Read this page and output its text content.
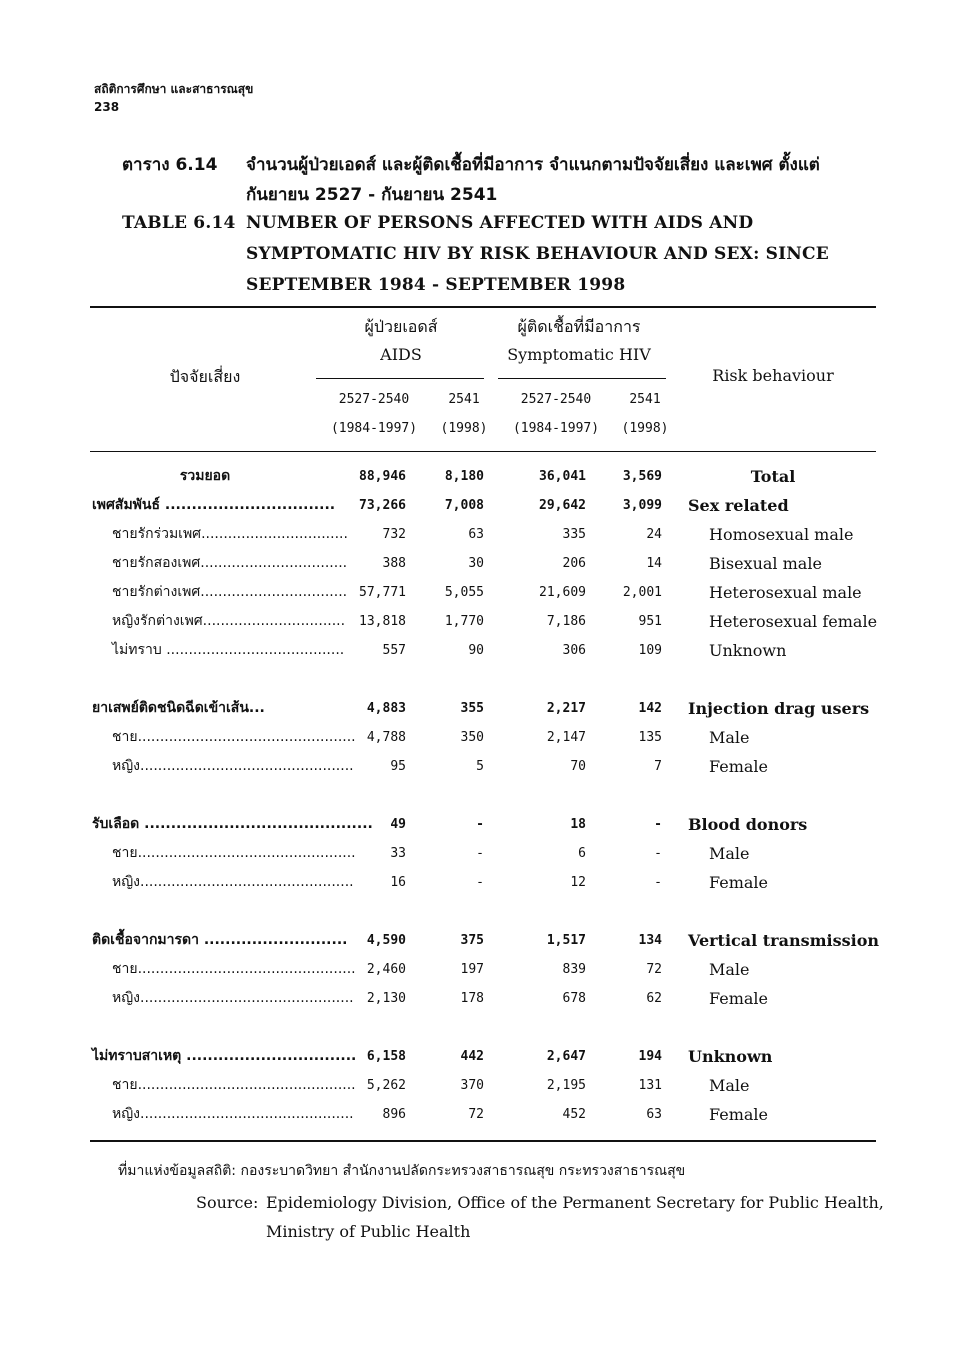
สถิติการศึกษา และสาธารณสุข
238
ตาราง 6.14	จำนวนผู้ป่วยเอดส์ และผู้ติดเชื้อที่มีอาการ จำแนกตามปัจจัยเสี่ยง และเพศ ตั้งแต่ กันยายน 2527 - กันยายน 2541
TABLE 6.14 NUMBER OF PERSONS AFFECTED WITH AIDS AND SYMPTOMATIC HIV BY RISK BEHAVIOUR AND SEX: SINCE SEPTEMBER 1984 - SEPTEMBER 1998
ปัจจัยเสี่ยง	Risk behaviour
ผู้ป่วยเอดส์
AIDS
ผู้ติดเชื้อที่มีอาการ
Symptomatic HIV
2527-2540
(1984-1997)
2541
(1998)
2527-2540
(1984-1997)
2541
(1998)
รวมยอด	88,946	8,180	36,041	3,569	Total
เพศสัมพันธ์ ................................	73,266	7,008	29,642	3,099 Sex related
ชายรักร่วมเพศ.................................	732	63	335	24	Homosexual male
ชายรักสองเพศ.................................	388	30	206	14	Bisexual male
ชายรักต่างเพศ................................. 57,771	5,055	21,609	2,001	Heterosexual male
หญิงรักต่างเพศ................................	13,818	1,770	7,186	951	Heterosexual female
ไม่ทราบ ........................................	557	90	306	109	Unknown
ยาเสพย์ติดชนิดฉีดเข้าเส้น...	4,883	355	2,217	142 Injection drag users
ชาย................................................. 4,788	350	2,147	135	Male
หญิง................................................	95	5	70	7	Female
รับเลือด ...........................................	49	-	18	- Blood donors
ชาย.................................................	33	-	6	-	Male
หญิง................................................	16	-	12	-	Female
ติดเชื้อจากมารดา ...........................	4,590	375	1,517	134 Vertical transmission
ชาย................................................. 2,460	197	839	72	Male
หญิง................................................	2,130	178	678	62	Female
ไม่ทราบสาเหตุ ................................ 6,158	442	2,647	194 Unknown
ชาย................................................. 5,262	370	2,195	131	Male
หญิง................................................	896	72	452	63	Female
ที่มาแห่งข้อมูลสถิติ: กองระบาดวิทยา สำนักงานปลัดกระทรวงสาธารณสุข กระทรวงสาธารณสุข
Source: Epidemiology Division, Office of the Permanent Secretary for Public Health, Ministry of Public Health
